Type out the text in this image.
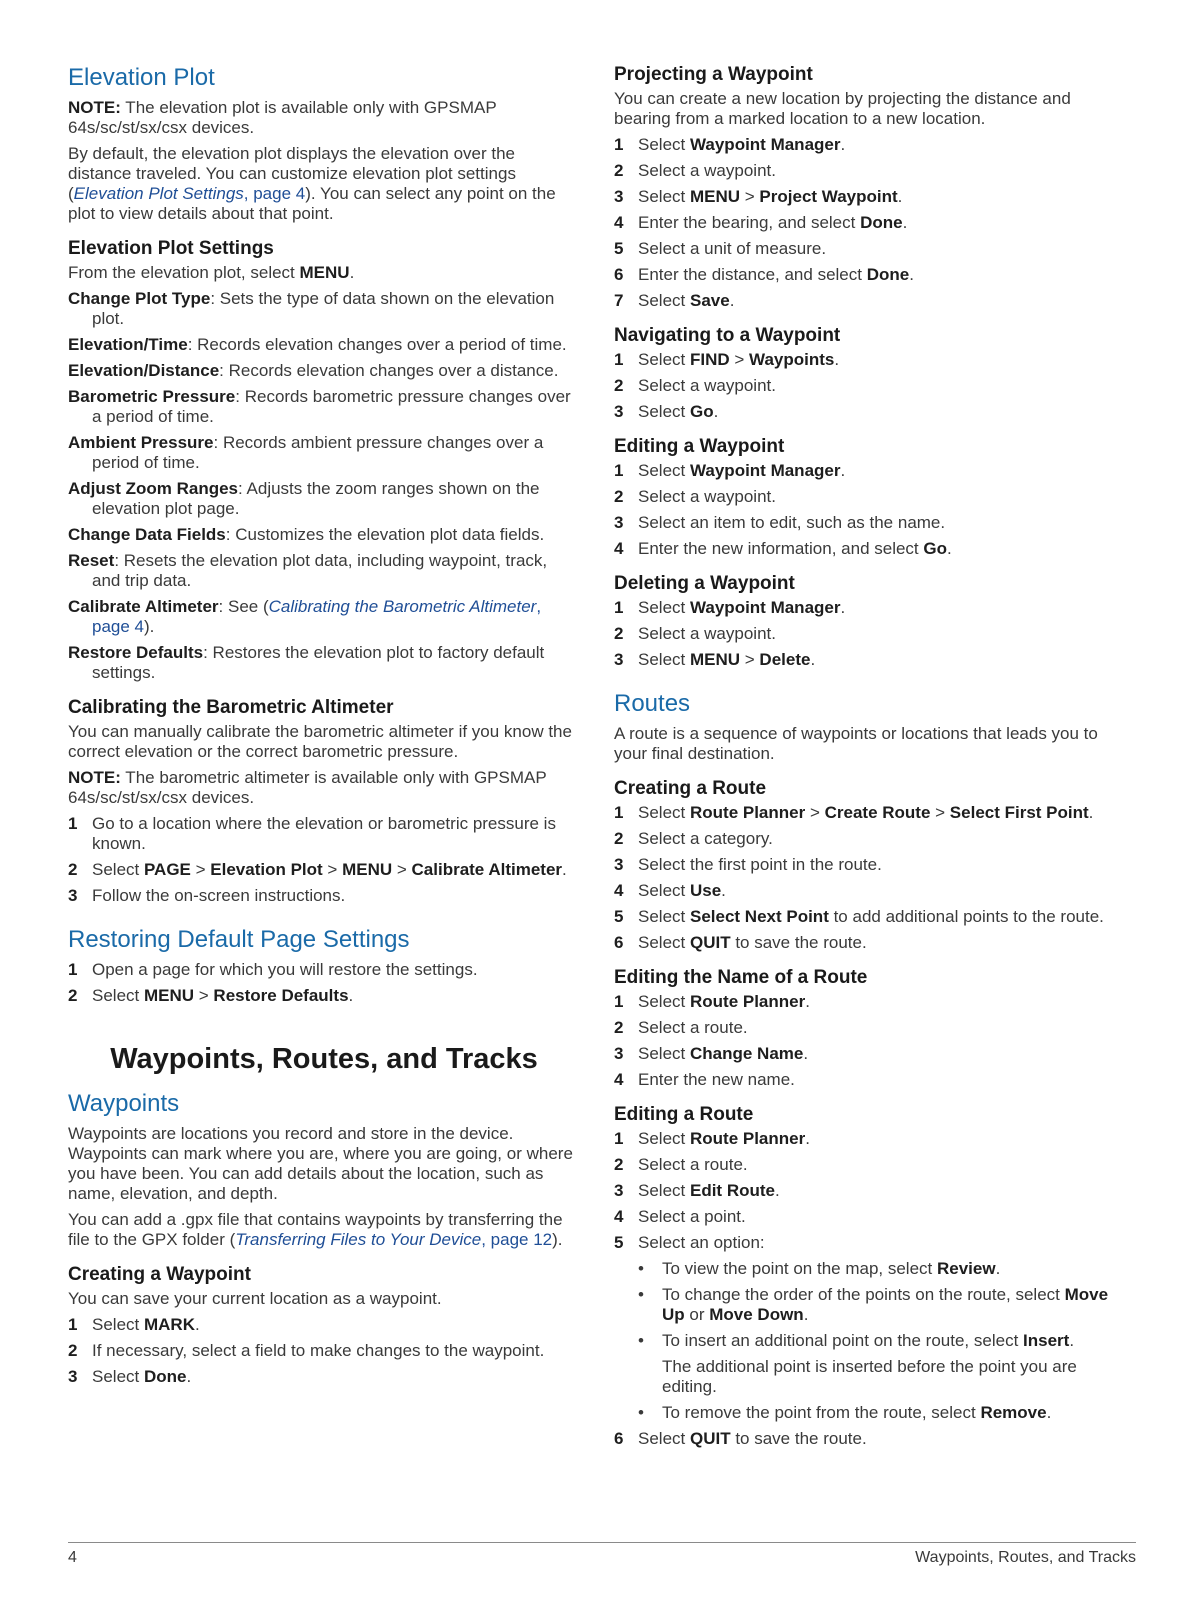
Elevation Plot

NOTE: The elevation plot is available only with GPSMAP 64s/sc/st/sx/csx devices.

By default, the elevation plot displays the elevation over the distance traveled. You can customize elevation plot settings (Elevation Plot Settings, page 4). You can select any point on the plot to view details about that point.

Elevation Plot Settings

From the elevation plot, select MENU.

Change Plot Type: Sets the type of data shown on the elevation plot.

Elevation/Time: Records elevation changes over a period of time.

Elevation/Distance: Records elevation changes over a distance.

Barometric Pressure: Records barometric pressure changes over a period of time.

Ambient Pressure: Records ambient pressure changes over a period of time.

Adjust Zoom Ranges: Adjusts the zoom ranges shown on the elevation plot page.

Change Data Fields: Customizes the elevation plot data fields.

Reset: Resets the elevation plot data, including waypoint, track, and trip data.

Calibrate Altimeter: See (Calibrating the Barometric Altimeter, page 4).

Restore Defaults: Restores the elevation plot to factory default settings.

Calibrating the Barometric Altimeter

You can manually calibrate the barometric altimeter if you know the correct elevation or the correct barometric pressure.

NOTE: The barometric altimeter is available only with GPSMAP 64s/sc/st/sx/csx devices.

1 Go to a location where the elevation or barometric pressure is known.
2 Select PAGE > Elevation Plot > MENU > Calibrate Altimeter.
3 Follow the on-screen instructions.
Restoring Default Page Settings
1 Open a page for which you will restore the settings.
2 Select MENU > Restore Defaults.
Waypoints, Routes, and Tracks
Waypoints

Waypoints are locations you record and store in the device. Waypoints can mark where you are, where you are going, or where you have been. You can add details about the location, such as name, elevation, and depth.

You can add a .gpx file that contains waypoints by transferring the file to the GPX folder (Transferring Files to Your Device, page 12).

Creating a Waypoint

You can save your current location as a waypoint.

1 Select MARK.
2 If necessary, select a field to make changes to the waypoint.
3 Select Done.
Projecting a Waypoint

You can create a new location by projecting the distance and bearing from a marked location to a new location.

1 Select Waypoint Manager.
2 Select a waypoint.
3 Select MENU > Project Waypoint.
4 Enter the bearing, and select Done.
5 Select a unit of measure.
6 Enter the distance, and select Done.
7 Select Save.
Navigating to a Waypoint
1 Select FIND > Waypoints.
2 Select a waypoint.
3 Select Go.
Editing a Waypoint
1 Select Waypoint Manager.
2 Select a waypoint.
3 Select an item to edit, such as the name.
4 Enter the new information, and select Go.
Deleting a Waypoint
1 Select Waypoint Manager.
2 Select a waypoint.
3 Select MENU > Delete.
Routes

A route is a sequence of waypoints or locations that leads you to your final destination.

Creating a Route
1 Select Route Planner > Create Route > Select First Point.
2 Select a category.
3 Select the first point in the route.
4 Select Use.
5 Select Select Next Point to add additional points to the route.
6 Select QUIT to save the route.
Editing the Name of a Route
1 Select Route Planner.
2 Select a route.
3 Select Change Name.
4 Enter the new name.
Editing a Route
1 Select Route Planner.
2 Select a route.
3 Select Edit Route.
4 Select a point.
5 Select an option:
•	To view the point on the map, select Review.
•	To change the order of the points on the route, select Move Up or Move Down.
•	To insert an additional point on the route, select Insert.
The additional point is inserted before the point you are editing.
•	To remove the point from the route, select Remove.
6 Select QUIT to save the route.
4	Waypoints, Routes, and Tracks
